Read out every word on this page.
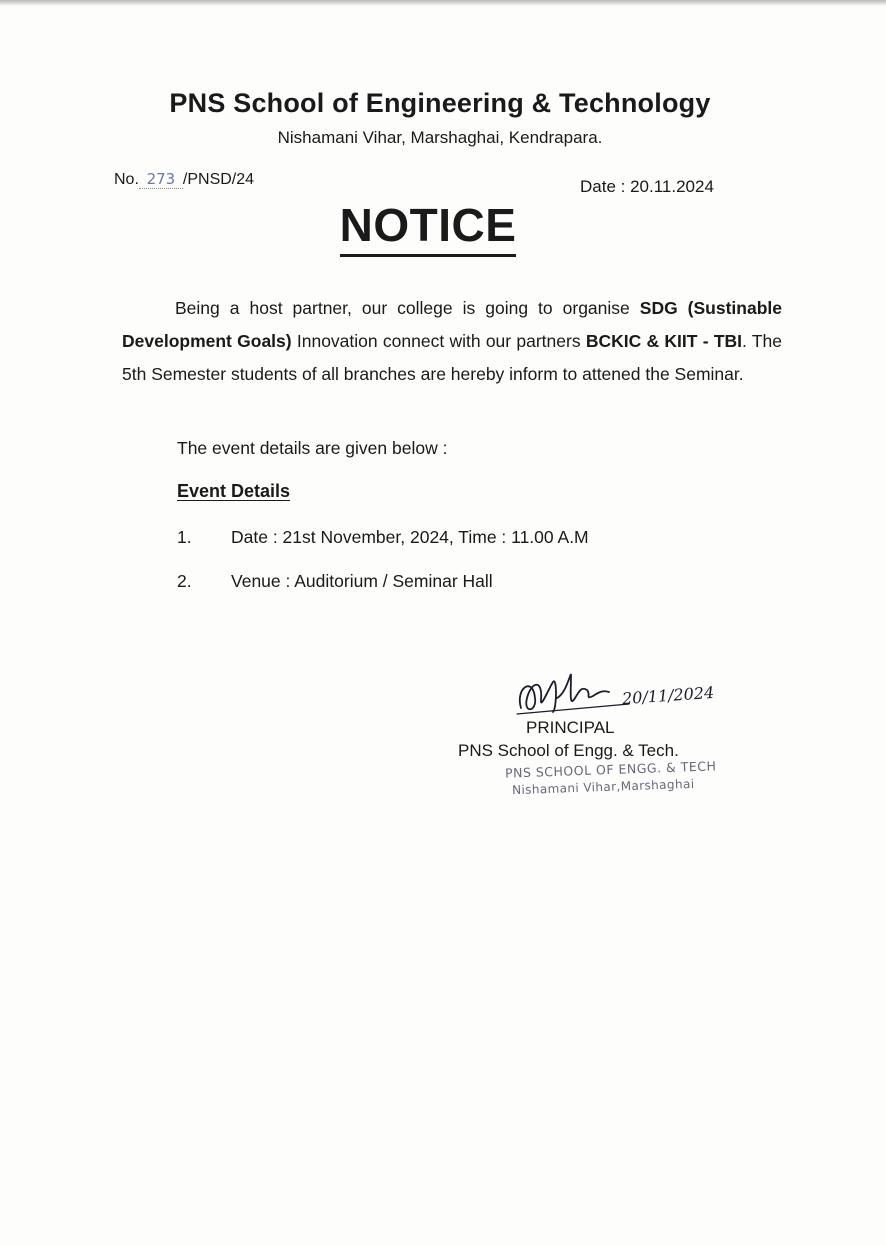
PNS School of Engineering & Technology
Nishamani Vihar, Marshaghai, Kendrapara.
No. 273 /PNSD/24	Date : 20.11.2024
NOTICE
Being a host partner, our college is going to organise SDG (Sustinable Development Goals) Innovation connect with our partners BCKIC & KIIT - TBI. The 5th Semester students of all branches are hereby inform to attened the Seminar.
The event details are given below :
Event Details
1. Date : 21st November, 2024, Time : 11.00 A.M
2. Venue : Auditorium / Seminar Hall
20/11/2024
PRINCIPAL
PNS School of Engg. & Tech.
PNS SCHOOL OF ENGG. & TECH
Nishamani Vihar,Marshaghai
